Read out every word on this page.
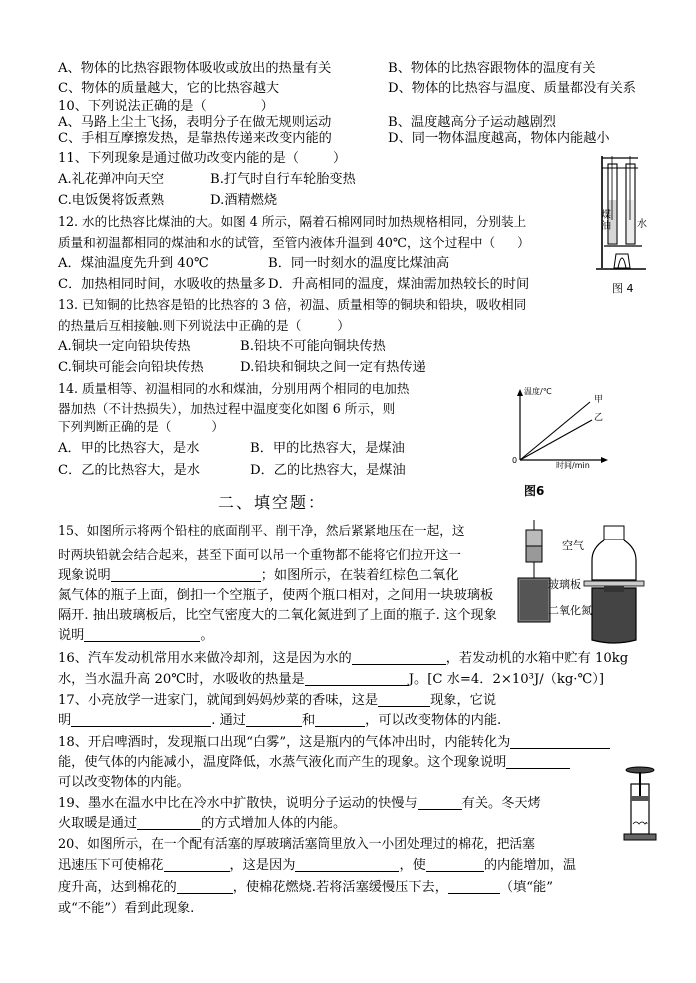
A、物体的比热容跟物体吸收或放出的热量有关	B、物体的比热容跟物体的温度有关
C、物体的质量越大，它的比热容越大	D、物体的比热容与温度、质量都没有关系
10、下列说法正确的是（	）
A、马路上尘土飞扬，表明分子在做无规则运动	B、温度越高分子运动越剧烈
C、手相互摩擦发热，是靠热传递来改变内能的	D、同一物体温度越高，物体内能越小
11、下列现象是通过做功改变内能的是（	）
A.礼花弹冲向天空	B.打气时自行车轮胎变热
C.电饭煲将饭煮熟	D.酒精燃烧
12. 水的比热容比煤油的大。如图 4 所示，隔着石棉网同时加热规格相同，分别装上
质量和初温都相同的煤油和水的试管，至管内液体升温到 40℃，这个过程中（ ）
A．煤油温度先升到 40℃	B．同一时刻水的温度比煤油高
C．加热相同时间，水吸收的热量多 D．升高相同的温度，煤油需加热较长的时间
煤油	水
图 4
13. 已知铜的比热容是铅的比热容的 3 倍，初温、质量相等的铜块和铅块，吸收相同
的热量后互相接触.则下列说法中正确的是（	）
A.铜块一定向铅块传热	B.铅块不可能向铜块传热
C.铜块可能会向铅块传热	D.铅块和铜块之间一定有热传递
14. 质量相等、初温相同的水和煤油，分别用两个相同的电加热
器加热（不计热损失），加热过程中温度变化如图 6 所示，则
下列判断正确的是（	）
A．甲的比热容大，是水	B．甲的比热容大，是煤油
C．乙的比热容大，是水	D．乙的比热容大，是煤油
温度/℃
甲
乙
0
时间/min
图6
二、填空题：
15、如图所示将两个铅柱的底面削平、削干净，然后紧紧地压在一起，这
时两块铅就会结合起来，甚至下面可以吊一个重物都不能将它们拉开这一
现象说明	；如图所示，在装着红棕色二氧化
氮气体的瓶子上面，倒扣一个空瓶子，使两个瓶口相对，之间用一块玻璃板
隔开. 抽出玻璃板后，比空气密度大的二氧化氮进到了上面的瓶子. 这个现象
说明	。
空气
玻璃板
二氧化氮
16、汽车发动机常用水来做冷却剂，这是因为水的	，若发动机的水箱中贮有 10kg
水，当水温升高 20℃时，水吸收的热量是	J。[C 水=4．2×10³J/（kg·℃）]
17、小亮放学一进家门，就闻到妈妈炒菜的香味，这是	现象，它说
明	. 通过	和	，可以改变物体的内能.
18、开启啤酒时，发现瓶口出现“白雾”，这是瓶内的气体冲出时，内能转化为
能，使气体的内能减小，温度降低，水蒸气液化而产生的现象。这个现象说明
可以改变物体的内能。
19、墨水在温水中比在冷水中扩散快，说明分子运动的快慢与	有关。冬天烤
火取暖是通过	的方式增加人体的内能。
20、如图所示，在一个配有活塞的厚玻璃活塞筒里放入一小团处理过的棉花，把活塞
迅速压下可使棉花	，这是因为	，使	的内能增加，温
度升高，达到棉花的	，使棉花燃烧.若将活塞缓慢压下去，	（填“能”
或“不能”）看到此现象.
